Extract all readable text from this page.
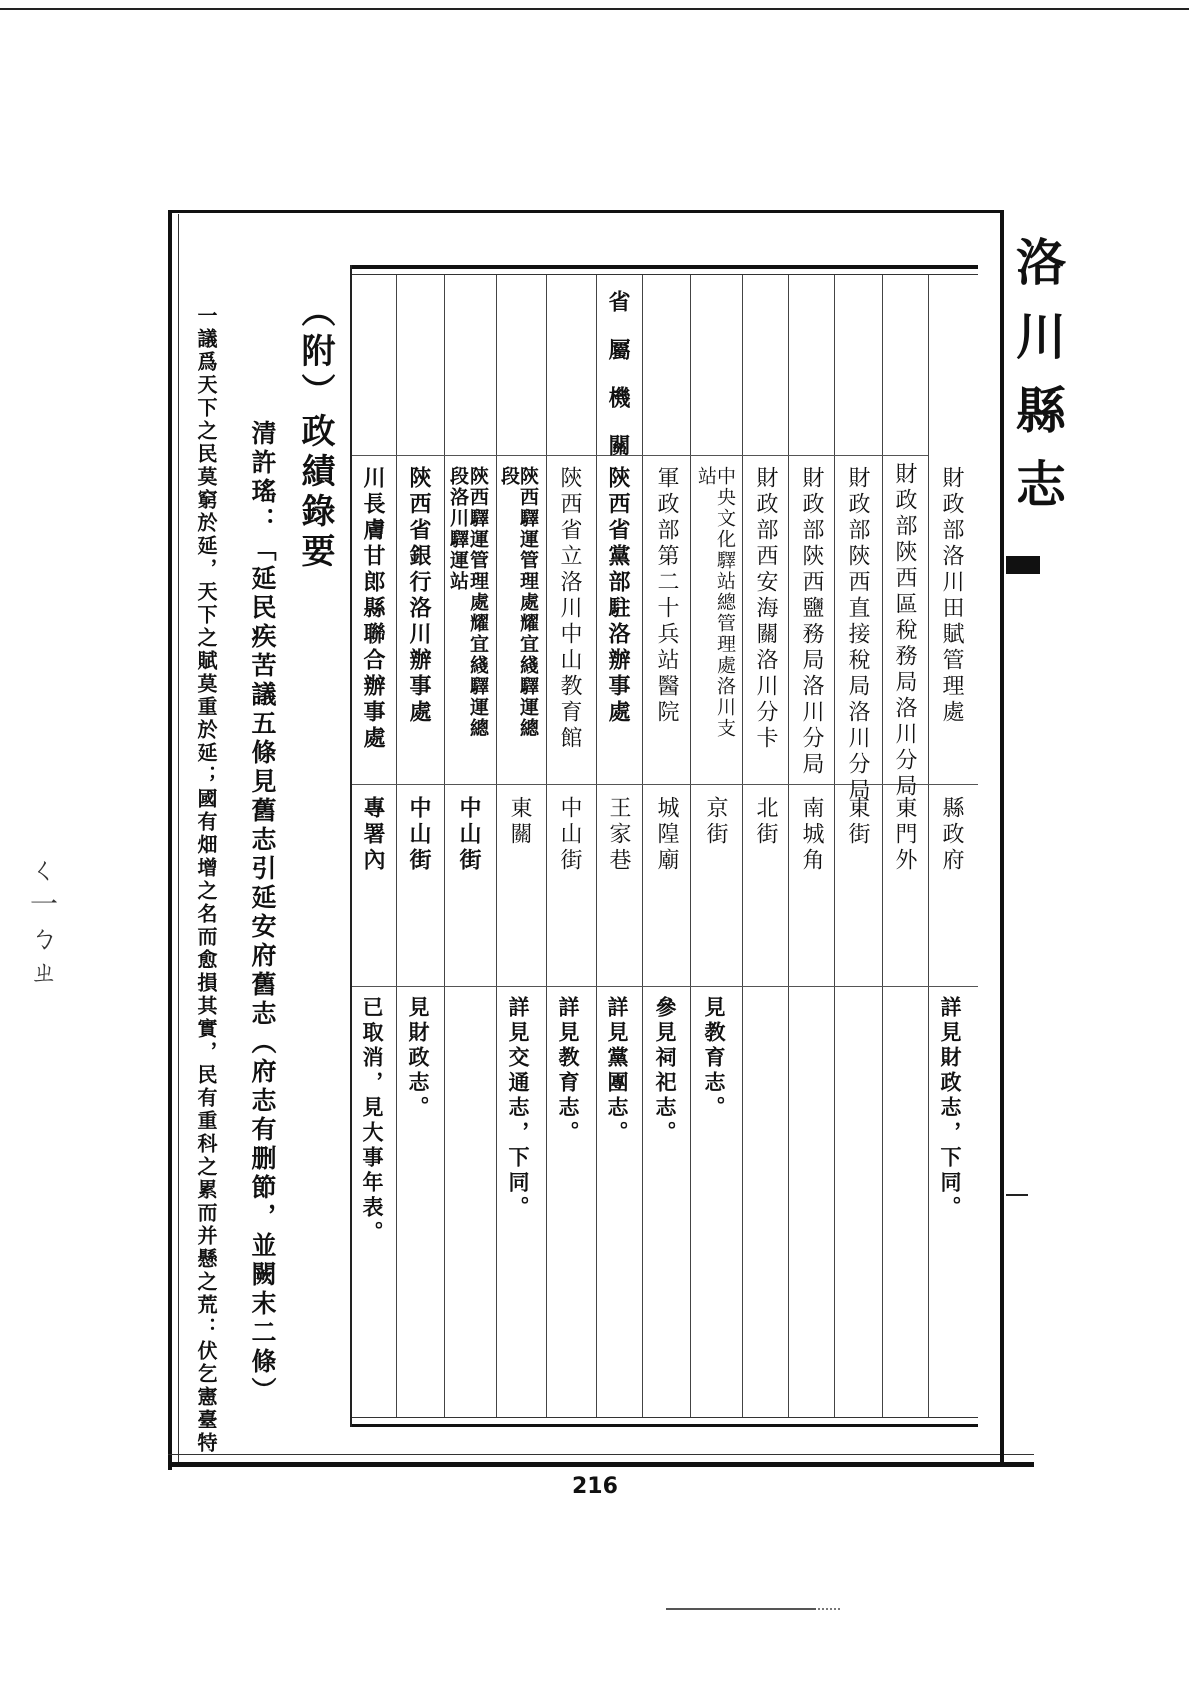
洛川縣志
財政部洛川田賦管理處
縣政府
詳見財政志，下同。
財政部陝西區稅務局洛川分局
東門外
財政部陝西直接稅局洛川分局
東街
財政部陝西鹽務局洛川分局
南城角
財政部西安海關洛川分卡
北街
中央文化驛站總管理處洛川支
站
京街
見教育志。
軍政部第二十兵站醫院
城隍廟
參見祠祀志。
省屬機關
陝西省黨部駐洛辦事處
王家巷
詳見黨團志。
陝西省立洛川中山教育館
中山街
詳見教育志。
陝西驛運管理處耀宜綫驛運總
段
東關
詳見交通志，下同。
陝西驛運管理處耀宜綫驛運總
段洛川驛運站
中山街
陝西省銀行洛川辦事處
中山街
見財政志。
川長膚甘郎縣聯合辦事處
專署內
已取消，見大事年表。
（附）政績錄要
清許瑤：「延民疾苦議五條見舊志引延安府舊志（府志有删節，並闕末二條）
一議爲天下之民莫窮於延，天下之賦莫重於延；國有畑增之名而愈損其實，民有重科之累而并懸之荒：伏乞憲臺特
216
ㄑ一ㄅㄓ
